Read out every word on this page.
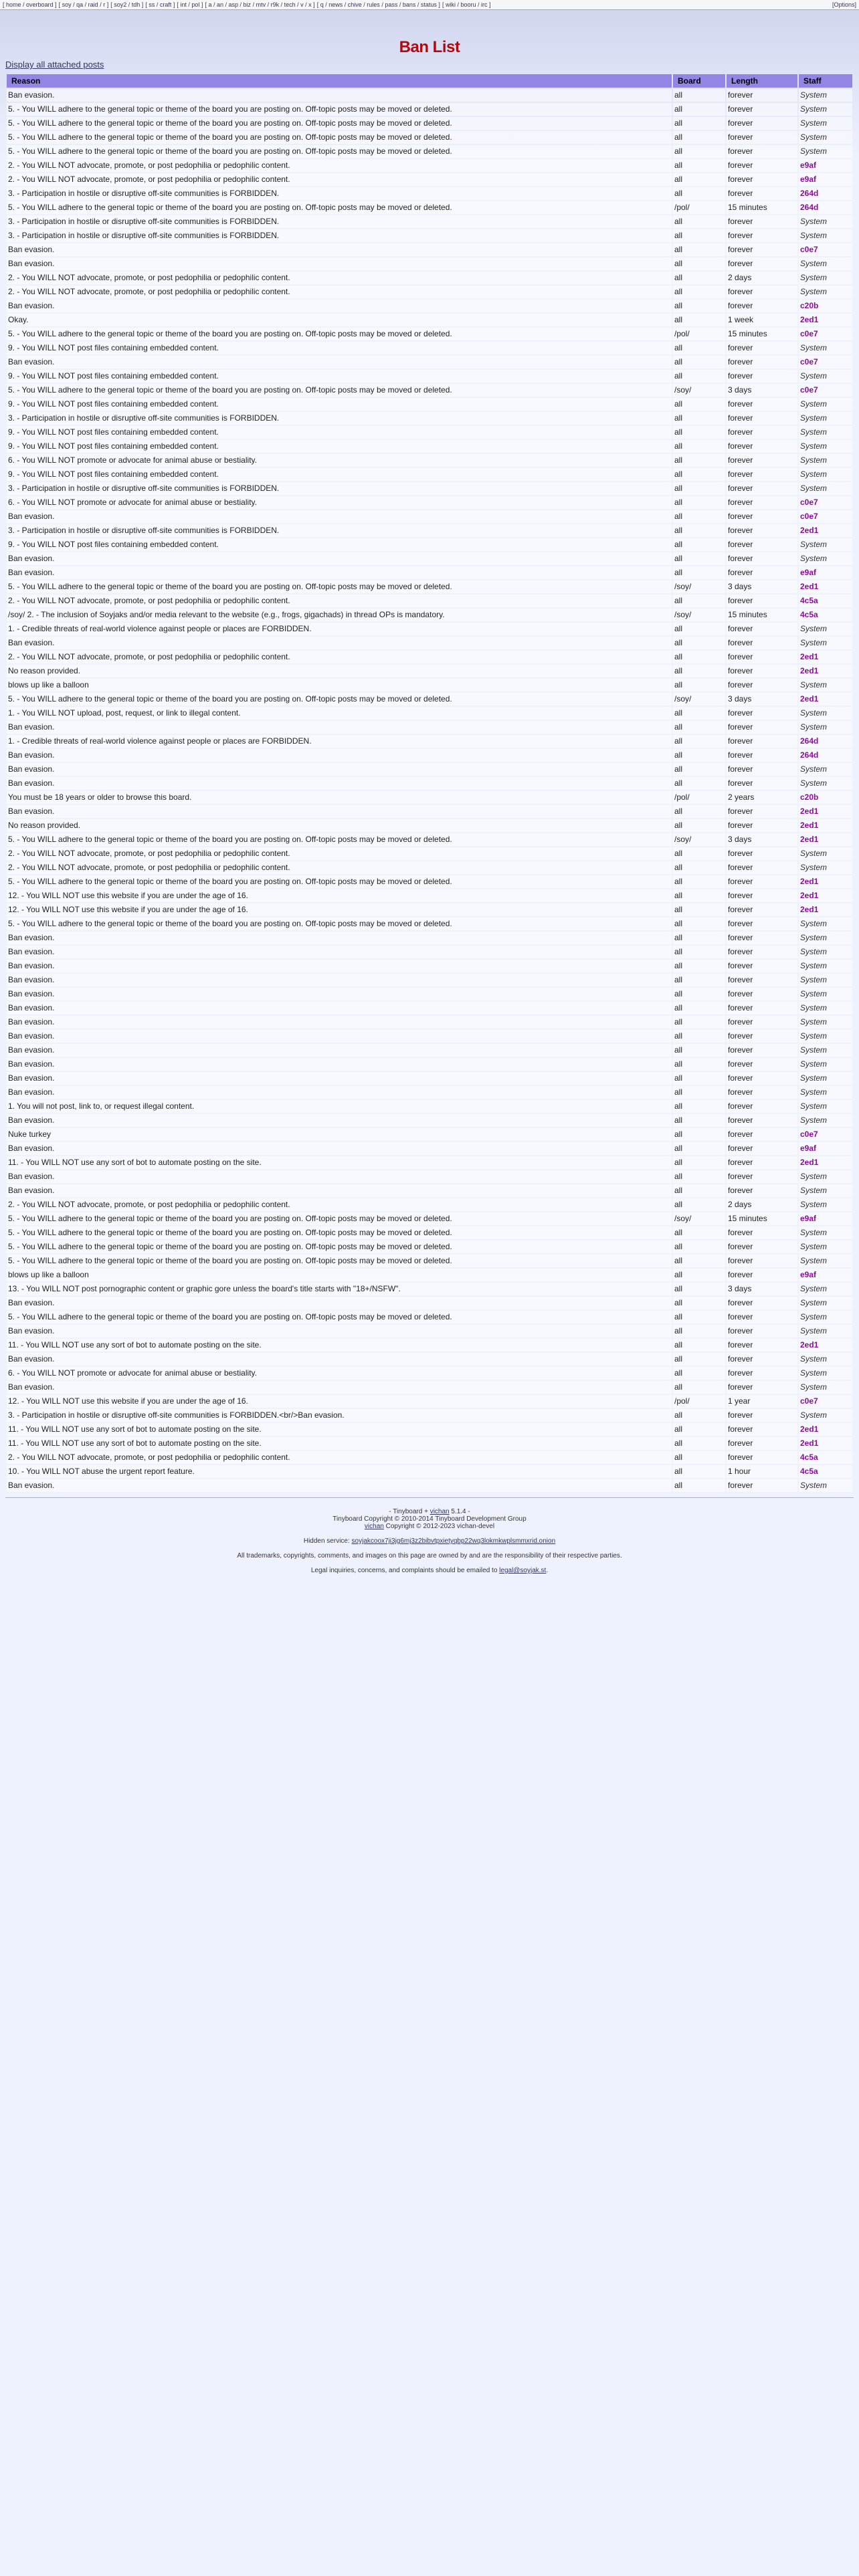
[Options]
[ home / overboard ] [ soy / qa / raid / r ] [ soy2 / tdh ] [ ss / craft ] [ int / pol ] [ a / an / asp / biz / mtv / r9k / tech / v / x ] [ q / news / chive / rules / pass / bans / status ] [ wiki / booru / irc ]
Ban List
Display all attached posts
Reason	Board	Length	Staff
Ban evasion.	all	forever	System
5. - You WILL adhere to the general topic or theme of the board you are posting on. Off-topic posts may be moved or deleted.	all	forever	System
5. - You WILL adhere to the general topic or theme of the board you are posting on. Off-topic posts may be moved or deleted.	all	forever	System
5. - You WILL adhere to the general topic or theme of the board you are posting on. Off-topic posts may be moved or deleted.	all	forever	System
5. - You WILL adhere to the general topic or theme of the board you are posting on. Off-topic posts may be moved or deleted.	all	forever	System
2. - You WILL NOT advocate, promote, or post pedophilia or pedophilic content.	all	forever	e9af
2. - You WILL NOT advocate, promote, or post pedophilia or pedophilic content.	all	forever	e9af
3. - Participation in hostile or disruptive off-site communities is FORBIDDEN.	all	forever	264d
5. - You WILL adhere to the general topic or theme of the board you are posting on. Off-topic posts may be moved or deleted.	/pol/	15 minutes	264d
3. - Participation in hostile or disruptive off-site communities is FORBIDDEN.	all	forever	System
3. - Participation in hostile or disruptive off-site communities is FORBIDDEN.	all	forever	System
Ban evasion.	all	forever	c0e7
Ban evasion.	all	forever	System
2. - You WILL NOT advocate, promote, or post pedophilia or pedophilic content.	all	2 days	System
2. - You WILL NOT advocate, promote, or post pedophilia or pedophilic content.	all	forever	System
Ban evasion.	all	forever	c20b
Okay.	all	1 week	2ed1
5. - You WILL adhere to the general topic or theme of the board you are posting on. Off-topic posts may be moved or deleted.	/pol/	15 minutes	c0e7
9. - You WILL NOT post files containing embedded content.	all	forever	System
Ban evasion.	all	forever	c0e7
9. - You WILL NOT post files containing embedded content.	all	forever	System
5. - You WILL adhere to the general topic or theme of the board you are posting on. Off-topic posts may be moved or deleted.	/soy/	3 days	c0e7
9. - You WILL NOT post files containing embedded content.	all	forever	System
3. - Participation in hostile or disruptive off-site communities is FORBIDDEN.	all	forever	System
9. - You WILL NOT post files containing embedded content.	all	forever	System
9. - You WILL NOT post files containing embedded content.	all	forever	System
6. - You WILL NOT promote or advocate for animal abuse or bestiality.	all	forever	System
9. - You WILL NOT post files containing embedded content.	all	forever	System
3. - Participation in hostile or disruptive off-site communities is FORBIDDEN.	all	forever	System
6. - You WILL NOT promote or advocate for animal abuse or bestiality.	all	forever	c0e7
Ban evasion.	all	forever	c0e7
3. - Participation in hostile or disruptive off-site communities is FORBIDDEN.	all	forever	2ed1
9. - You WILL NOT post files containing embedded content.	all	forever	System
Ban evasion.	all	forever	System
Ban evasion.	all	forever	e9af
5. - You WILL adhere to the general topic or theme of the board you are posting on. Off-topic posts may be moved or deleted.	/soy/	3 days	2ed1
2. - You WILL NOT advocate, promote, or post pedophilia or pedophilic content.	all	forever	4c5a
/soy/ 2. - The inclusion of Soyjaks and/or media relevant to the website (e.g., frogs, gigachads) in thread OPs is mandatory.	/soy/	15 minutes	4c5a
1. - Credible threats of real-world violence against people or places are FORBIDDEN.	all	forever	System
Ban evasion.	all	forever	System
2. - You WILL NOT advocate, promote, or post pedophilia or pedophilic content.	all	forever	2ed1
No reason provided.	all	forever	2ed1
blows up like a balloon	all	forever	System
5. - You WILL adhere to the general topic or theme of the board you are posting on. Off-topic posts may be moved or deleted.	/soy/	3 days	2ed1
1. - You WILL NOT upload, post, request, or link to illegal content.	all	forever	System
Ban evasion.	all	forever	System
1. - Credible threats of real-world violence against people or places are FORBIDDEN.	all	forever	264d
Ban evasion.	all	forever	264d
Ban evasion.	all	forever	System
Ban evasion.	all	forever	System
You must be 18 years or older to browse this board.	/pol/	2 years	c20b
Ban evasion.	all	forever	2ed1
No reason provided.	all	forever	2ed1
5. - You WILL adhere to the general topic or theme of the board you are posting on. Off-topic posts may be moved or deleted.	/soy/	3 days	2ed1
2. - You WILL NOT advocate, promote, or post pedophilia or pedophilic content.	all	forever	System
2. - You WILL NOT advocate, promote, or post pedophilia or pedophilic content.	all	forever	System
5. - You WILL adhere to the general topic or theme of the board you are posting on. Off-topic posts may be moved or deleted.	all	forever	2ed1
12. - You WILL NOT use this website if you are under the age of 16.	all	forever	2ed1
12. - You WILL NOT use this website if you are under the age of 16.	all	forever	2ed1
5. - You WILL adhere to the general topic or theme of the board you are posting on. Off-topic posts may be moved or deleted.	all	forever	System
Ban evasion.	all	forever	System
Ban evasion.	all	forever	System
Ban evasion.	all	forever	System
Ban evasion.	all	forever	System
Ban evasion.	all	forever	System
Ban evasion.	all	forever	System
Ban evasion.	all	forever	System
Ban evasion.	all	forever	System
Ban evasion.	all	forever	System
Ban evasion.	all	forever	System
Ban evasion.	all	forever	System
Ban evasion.	all	forever	System
1. You will not post, link to, or request illegal content.	all	forever	System
Ban evasion.	all	forever	System
Nuke turkey	all	forever	c0e7
Ban evasion.	all	forever	e9af
11. - You WILL NOT use any sort of bot to automate posting on the site.	all	forever	2ed1
Ban evasion.	all	forever	System
Ban evasion.	all	forever	System
2. - You WILL NOT advocate, promote, or post pedophilia or pedophilic content.	all	2 days	System
5. - You WILL adhere to the general topic or theme of the board you are posting on. Off-topic posts may be moved or deleted.	/soy/	15 minutes	e9af
5. - You WILL adhere to the general topic or theme of the board you are posting on. Off-topic posts may be moved or deleted.	all	forever	System
5. - You WILL adhere to the general topic or theme of the board you are posting on. Off-topic posts may be moved or deleted.	all	forever	System
5. - You WILL adhere to the general topic or theme of the board you are posting on. Off-topic posts may be moved or deleted.	all	forever	System
blows up like a balloon	all	forever	e9af
13. - You WILL NOT post pornographic content or graphic gore unless the board's title starts with "18+/NSFW".	all	3 days	System
Ban evasion.	all	forever	System
5. - You WILL adhere to the general topic or theme of the board you are posting on. Off-topic posts may be moved or deleted.	all	forever	System
Ban evasion.	all	forever	System
11. - You WILL NOT use any sort of bot to automate posting on the site.	all	forever	2ed1
Ban evasion.	all	forever	System
6. - You WILL NOT promote or advocate for animal abuse or bestiality.	all	forever	System
Ban evasion.	all	forever	System
12. - You WILL NOT use this website if you are under the age of 16.	/pol/	1 year	c0e7
3. - Participation in hostile or disruptive off-site communities is FORBIDDEN.<br/>Ban evasion.	all	forever	System
11. - You WILL NOT use any sort of bot to automate posting on the site.	all	forever	2ed1
11. - You WILL NOT use any sort of bot to automate posting on the site.	all	forever	2ed1
2. - You WILL NOT advocate, promote, or post pedophilia or pedophilic content.	all	forever	4c5a
10. - You WILL NOT abuse the urgent report feature.	all	1 hour	4c5a
Ban evasion.	all	forever	System
- Tinyboard + vichan 5.1.4 -
Tinyboard Copyright © 2010-2014 Tinyboard Development Group
vichan Copyright © 2012-2023 vichan-devel
Hidden service: soyjakcoox7ji3jg6mj3z2bibvtpxietyqbp22wq3lokmkwplsmmxrid.onion
All trademarks, copyrights, comments, and images on this page are owned by and are the responsibility of their respective parties.
Legal inquiries, concerns, and complaints should be emailed to legal@soyjak.st.
